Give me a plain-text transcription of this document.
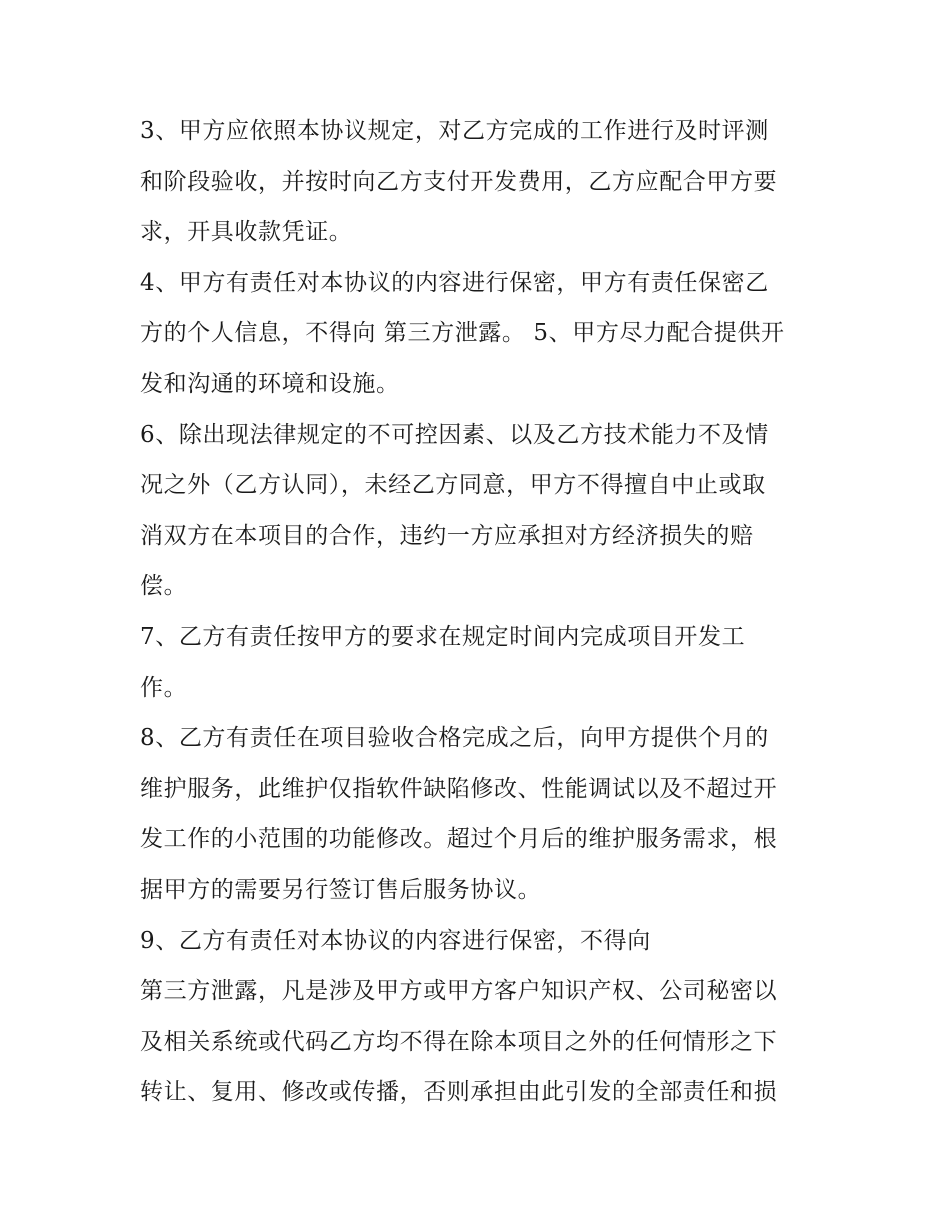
3、甲方应依照本协议规定，对乙方完成的工作进行及时评测
和阶段验收，并按时向乙方支付开发费用，乙方应配合甲方要
求，开具收款凭证。
4、甲方有责任对本协议的内容进行保密，甲方有责任保密乙
方的个人信息，不得向 第三方泄露。 5、甲方尽力配合提供开
发和沟通的环境和设施。
6、除出现法律规定的不可控因素、以及乙方技术能力不及情
况之外（乙方认同），未经乙方同意，甲方不得擅自中止或取
消双方在本项目的合作，违约一方应承担对方经济损失的赔
偿。
7、乙方有责任按甲方的要求在规定时间内完成项目开发工
作。
8、乙方有责任在项目验收合格完成之后，向甲方提供个月的
维护服务，此维护仅指软件缺陷修改、性能调试以及不超过开
发工作的小范围的功能修改。超过个月后的维护服务需求，根
据甲方的需要另行签订售后服务协议。
9、乙方有责任对本协议的内容进行保密，不得向
第三方泄露，凡是涉及甲方或甲方客户知识产权、公司秘密以
及相关系统或代码乙方均不得在除本项目之外的任何情形之下
转让、复用、修改或传播，否则承担由此引发的全部责任和损
